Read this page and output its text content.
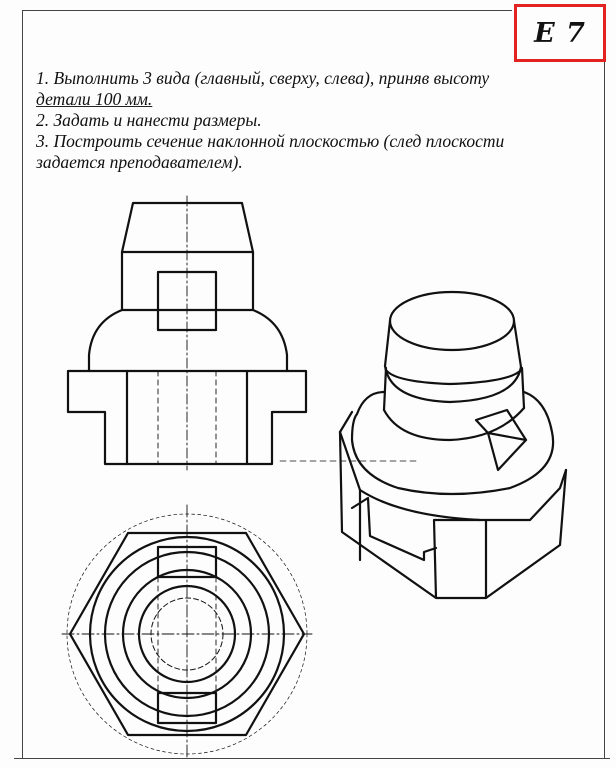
E 7

1. Выполнить 3 вида (главный, сверху, слева), приняв высоту

детали 100 мм.

2. Задать и нанести размеры.

3. Построить сечение наклонной плоскостью (след плоскости

задается преподавателем).
